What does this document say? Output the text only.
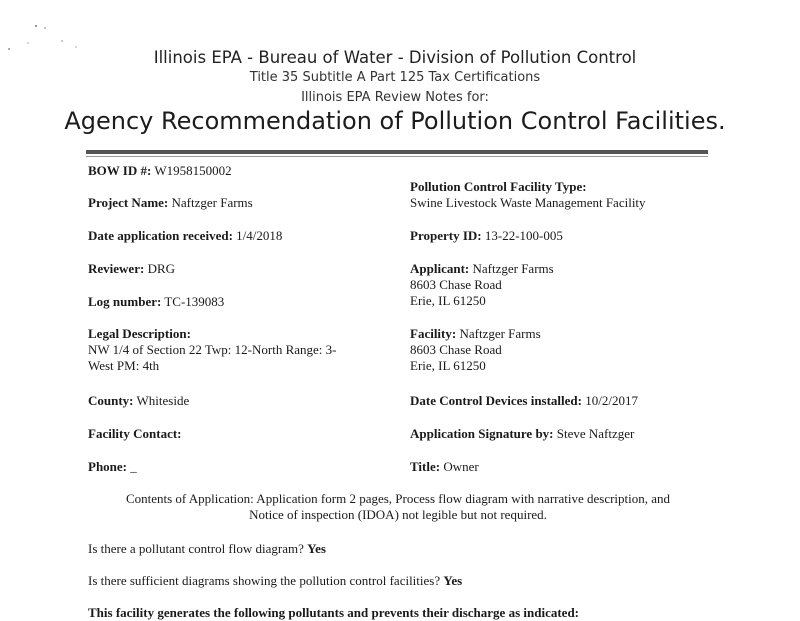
Illinois EPA - Bureau of Water - Division of Pollution Control
Title 35 Subtitle A Part 125 Tax Certifications
Illinois EPA Review Notes for:
Agency Recommendation of Pollution Control Facilities.
BOW ID #: W1958150002
Project Name: Naftzger Farms
Date application received: 1/4/2018
Reviewer: DRG
Log number: TC-139083
Legal Description:
NW 1/4 of Section 22 Twp: 12-North Range: 3-
West PM: 4th
County: Whiteside
Facility Contact:
Phone: _
Pollution Control Facility Type:
Swine Livestock Waste Management Facility
Property ID: 13-22-100-005
Applicant: Naftzger Farms
8603 Chase Road
Erie, IL 61250
Facility: Naftzger Farms
8603 Chase Road
Erie, IL 61250
Date Control Devices installed: 10/2/2017
Application Signature by: Steve Naftzger
Title: Owner
Contents of Application: Application form 2 pages, Process flow diagram with narrative description, and
Notice of inspection (IDOA) not legible but not required.
Is there a pollutant control flow diagram? Yes
Is there sufficient diagrams showing the pollution control facilities? Yes
This facility generates the following pollutants and prevents their discharge as indicated:
